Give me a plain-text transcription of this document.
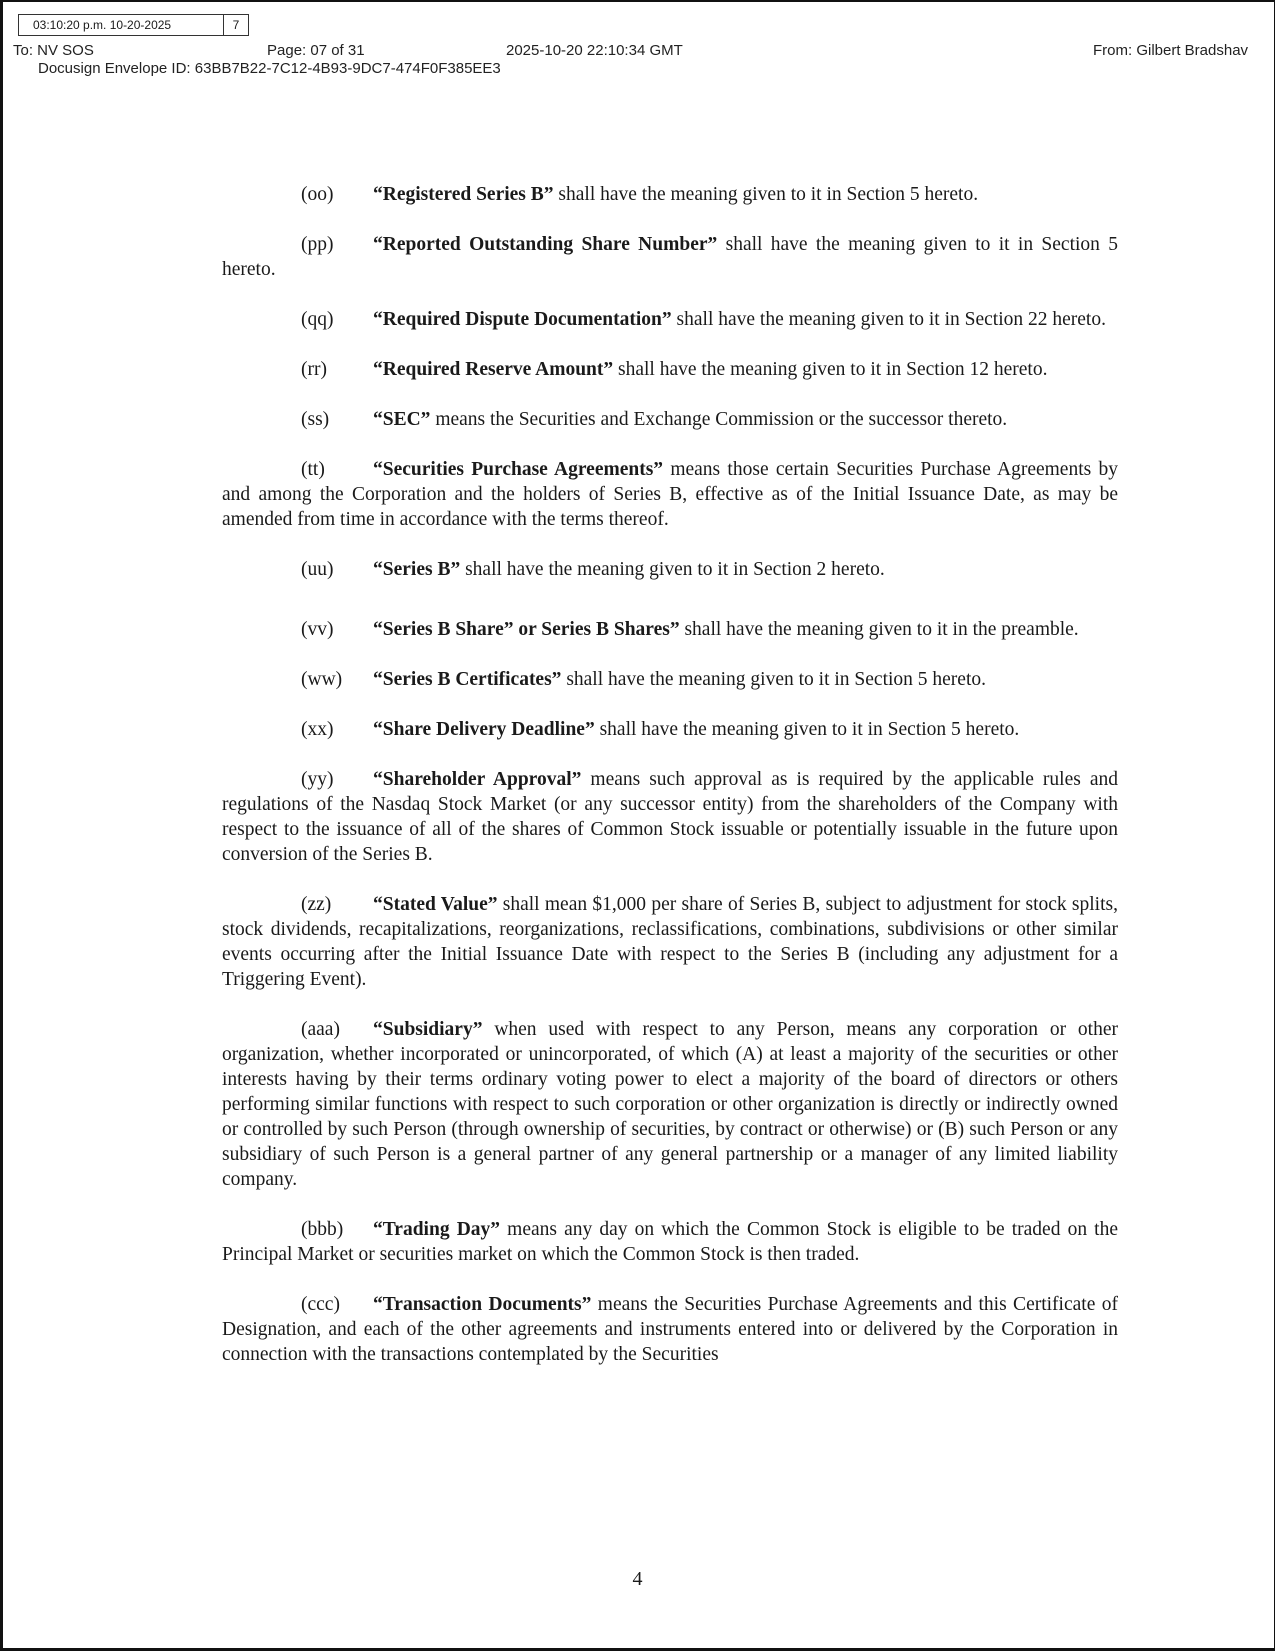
03:10:20 p.m. 10-20-2025	7
To: NV SOS	Page: 07 of 31	2025-10-20 22:10:34 GMT	From: Gilbert Bradshav
Docusign Envelope ID: 63BB7B22-7C12-4B93-9DC7-474F0F385EE3

(oo) “Registered Series B” shall have the meaning given to it in Section 5 hereto.

(pp) “Reported Outstanding Share Number” shall have the meaning given to it in Section 5 hereto.

(qq) “Required Dispute Documentation” shall have the meaning given to it in Section 22 hereto.

(rr) “Required Reserve Amount” shall have the meaning given to it in Section 12 hereto.

(ss) “SEC” means the Securities and Exchange Commission or the successor thereto.

(tt) “Securities Purchase Agreements” means those certain Securities Purchase Agreements by and among the Corporation and the holders of Series B, effective as of the Initial Issuance Date, as may be amended from time in accordance with the terms thereof.

(uu) “Series B” shall have the meaning given to it in Section 2 hereto.

(vv) “Series B Share” or Series B Shares” shall have the meaning given to it in the preamble.

(ww) “Series B Certificates” shall have the meaning given to it in Section 5 hereto.

(xx) “Share Delivery Deadline” shall have the meaning given to it in Section 5 hereto.

(yy) “Shareholder Approval” means such approval as is required by the applicable rules and regulations of the Nasdaq Stock Market (or any successor entity) from the shareholders of the Company with respect to the issuance of all of the shares of Common Stock issuable or potentially issuable in the future upon conversion of the Series B.

(zz) “Stated Value” shall mean $1,000 per share of Series B, subject to adjustment for stock splits, stock dividends, recapitalizations, reorganizations, reclassifications, combinations, subdivisions or other similar events occurring after the Initial Issuance Date with respect to the Series B (including any adjustment for a Triggering Event).

(aaa) “Subsidiary” when used with respect to any Person, means any corporation or other organization, whether incorporated or unincorporated, of which (A) at least a majority of the securities or other interests having by their terms ordinary voting power to elect a majority of the board of directors or others performing similar functions with respect to such corporation or other organization is directly or indirectly owned or controlled by such Person (through ownership of securities, by contract or otherwise) or (B) such Person or any subsidiary of such Person is a general partner of any general partnership or a manager of any limited liability company.

(bbb) “Trading Day” means any day on which the Common Stock is eligible to be traded on the Principal Market or securities market on which the Common Stock is then traded.

(ccc) “Transaction Documents” means the Securities Purchase Agreements and this Certificate of Designation, and each of the other agreements and instruments entered into or delivered by the Corporation in connection with the transactions contemplated by the Securities

4
